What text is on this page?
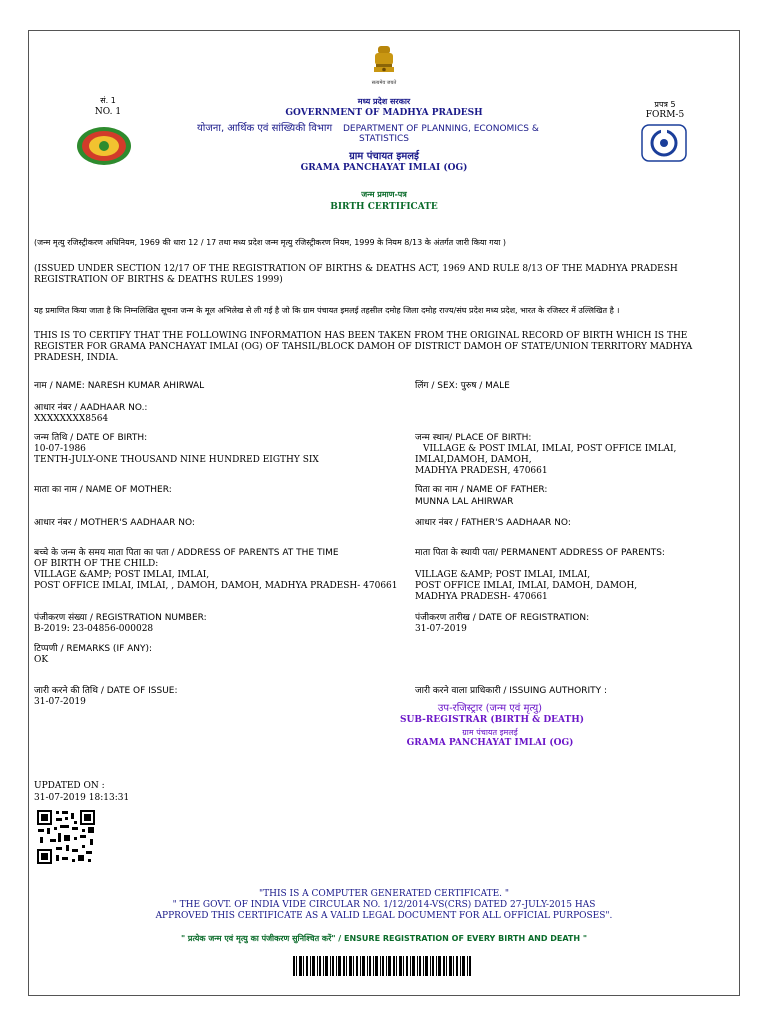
सत्यमेव जयते
सं. 1
NO. 1
प्रपत्र 5
FORM-5
मध्य प्रदेश सरकार
GOVERNMENT OF MADHYA PRADESH
योजना, आर्थिक एवं सांख्यिकी विभाग DEPARTMENT OF PLANNING, ECONOMICS &
STATISTICS
ग्राम पंचायत इमलई
GRAMA PANCHAYAT IMLAI (OG)
जन्म प्रमाण-पत्र
BIRTH CERTIFICATE
(जन्म मृत्यु रजिस्ट्रीकरण अधिनियम, 1969 की धारा 12 / 17 तथा मध्य प्रदेश जन्म मृत्यु रजिस्ट्रीकरण नियम, 1999 के नियम 8/13 के अंतर्गत जारी किया गया )
(ISSUED UNDER SECTION 12/17 OF THE REGISTRATION OF BIRTHS & DEATHS ACT, 1969 AND RULE 8/13 OF THE MADHYA PRADESH REGISTRATION OF BIRTHS & DEATHS RULES 1999)
यह प्रमाणित किया जाता है कि निम्नलिखित सूचना जन्म के मूल अभिलेख से ली गई है जो कि ग्राम पंचायत इमलई तहसील दमोह जिला दमोह राज्य/संघ प्रदेश मध्य प्रदेश, भारत के रजिस्टर में उल्लिखित है ।
THIS IS TO CERTIFY THAT THE FOLLOWING INFORMATION HAS BEEN TAKEN FROM THE ORIGINAL RECORD OF BIRTH WHICH IS THE REGISTER FOR GRAMA PANCHAYAT IMLAI (OG) OF TAHSIL/BLOCK DAMOH OF DISTRICT DAMOH OF STATE/UNION TERRITORY MADHYA PRADESH, INDIA.
नाम / NAME: NARESH KUMAR AHIRWAL
आधार नंबर / AADHAAR NO.:
XXXXXXXX8564
जन्म तिथि / DATE OF BIRTH:
10-07-1986
TENTH-JULY-ONE THOUSAND NINE HUNDRED EIGTHY SIX
माता का नाम / NAME OF MOTHER:
आधार नंबर / MOTHER'S AADHAAR NO:
बच्चे के जन्म के समय माता पिता का पता / ADDRESS OF PARENTS AT THE TIME
OF BIRTH OF THE CHILD:
VILLAGE &AMP; POST IMLAI, IMLAI,
POST OFFICE IMLAI, IMLAI, , DAMOH, DAMOH, MADHYA PRADESH- 470661
पंजीकरण संख्या / REGISTRATION NUMBER:
B-2019: 23-04856-000028
टिप्पणी / REMARKS (IF ANY):
OK
जारी करने की तिथि / DATE OF ISSUE:
31-07-2019
लिंग / SEX: पुरुष / MALE
जन्म स्थान/ PLACE OF BIRTH:
VILLAGE & POST IMLAI, IMLAI, POST OFFICE IMLAI,
IMLAI,DAMOH, DAMOH,
MADHYA PRADESH, 470661
पिता का नाम / NAME OF FATHER:
MUNNA LAL AHIRWAR
आधार नंबर / FATHER'S AADHAAR NO:
माता पिता के स्थायी पता/ PERMANENT ADDRESS OF PARENTS:
VILLAGE &AMP; POST IMLAI, IMLAI,
POST OFFICE IMLAI, IMLAI, DAMOH, DAMOH,
MADHYA PRADESH- 470661
पंजीकरण तारीख / DATE OF REGISTRATION:
31-07-2019
जारी करने वाला प्राधिकारी / ISSUING AUTHORITY :
उप-रजिस्ट्रार (जन्म एवं मृत्यु)
SUB-REGISTRAR (BIRTH & DEATH)
ग्राम पंचायत इमलई
GRAMA PANCHAYAT IMLAI (OG)
UPDATED ON :
31-07-2019 18:13:31
"THIS IS A COMPUTER GENERATED CERTIFICATE. "
" THE GOVT. OF INDIA VIDE CIRCULAR NO. 1/12/2014-VS(CRS) DATED 27-JULY-2015 HAS
APPROVED THIS CERTIFICATE AS A VALID LEGAL DOCUMENT FOR ALL OFFICIAL PURPOSES".
" प्रत्येक जन्म एवं मृत्यु का पंजीकरण सुनिश्चित करें" / ENSURE REGISTRATION OF EVERY BIRTH AND DEATH "
